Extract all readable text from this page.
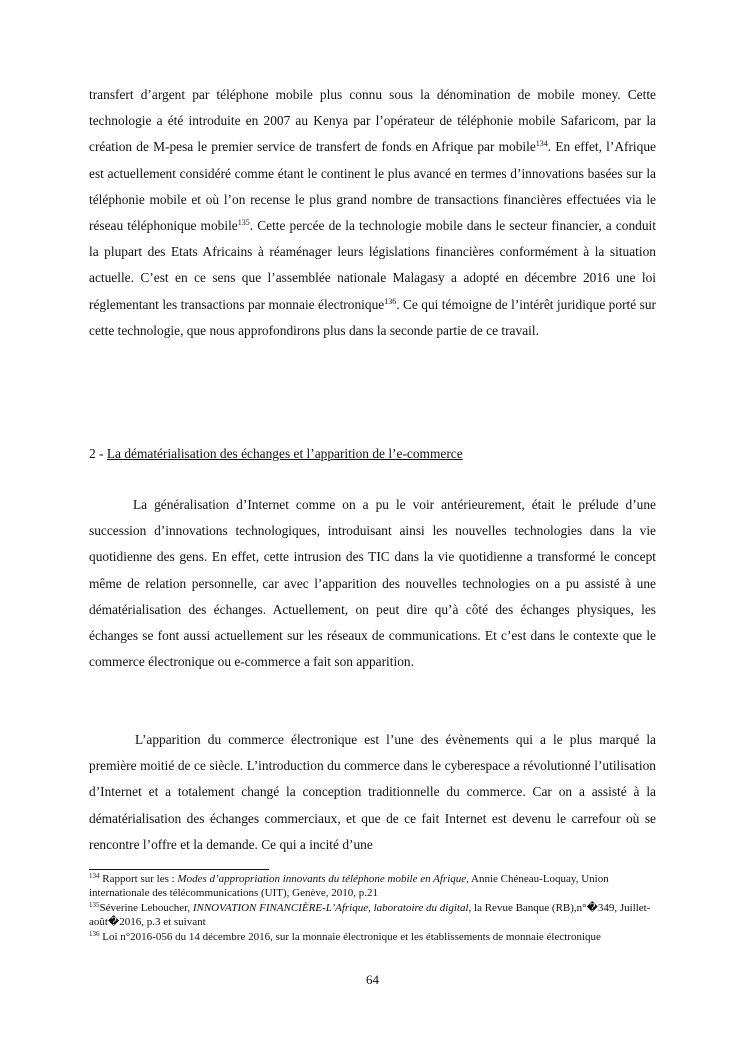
transfert d’argent par téléphone mobile plus connu sous la dénomination de mobile money. Cette technologie a été introduite en 2007 au Kenya par l’opérateur de téléphonie mobile Safaricom, par la création de M-pesa le premier service de transfert de fonds en Afrique par mobile$^{134}$. En effet, l’Afrique est actuellement considéré comme étant le continent le plus avancé en termes d’innovations basées sur la téléphonie mobile et où l’on recense le plus grand nombre de transactions financières effectuées via le réseau téléphonique mobile$^{135}$. Cette percée de la technologie mobile dans le secteur financier, a conduit la plupart des Etats Africains à réaménager leurs législations financières conformément à la situation actuelle. C’est en ce sens que l’assemblée nationale Malagasy a adopté en décembre 2016 une loi réglementant les transactions par monnaie électronique$^{136}$. Ce qui témoigne de l’intérêt juridique porté sur cette technologie, que nous approfondirons plus dans la seconde partie de ce travail.

2 - La dématérialisation des échanges et l’apparition de l’e-commerce

La généralisation d’Internet comme on a pu le voir antérieurement, était le prélude d’une succession d’innovations technologiques, introduisant ainsi les nouvelles technologies dans la vie quotidienne des gens. En effet, cette intrusion des TIC dans la vie quotidienne a transformé le concept même de relation personnelle, car avec l’apparition des nouvelles technologies on a pu assisté à une dématérialisation des échanges. Actuellement, on peut dire qu’à côté des échanges physiques, les échanges se font aussi actuellement sur les réseaux de communications. Et c’est dans le contexte que le commerce électronique ou e-commerce a fait son apparition.

L’apparition du commerce électronique est l’une des évènements qui a le plus marqué la première moitié de ce siècle. L’introduction du commerce dans le cyberespace a révolutionné l’utilisation d’Internet et a totalement changé la conception traditionnelle du commerce. Car on a assisté à la dématérialisation des échanges commerciaux, et que de ce fait Internet est devenu le carrefour où se rencontre l’offre et la demande. Ce qui a incité d’une

$^{134}$ Rapport sur les : Modes d’appropriation innovants du téléphone mobile en Afrique, Annie Chéneau-Loquay, Union internationale des télécommunications (UIT), Genève, 2010, p.21

$^{135}$Séverine Leboucher, INNOVATION FINANCIÈRE-L’Afrique, laboratoire du digital, la Revue Banque (RB),n°�349, Juillet-août�2016, p.3 et suivant

$^{136}$ Loi n°2016-056 du 14 décembre 2016, sur la monnaie électronique et les établissements de monnaie électronique

64
